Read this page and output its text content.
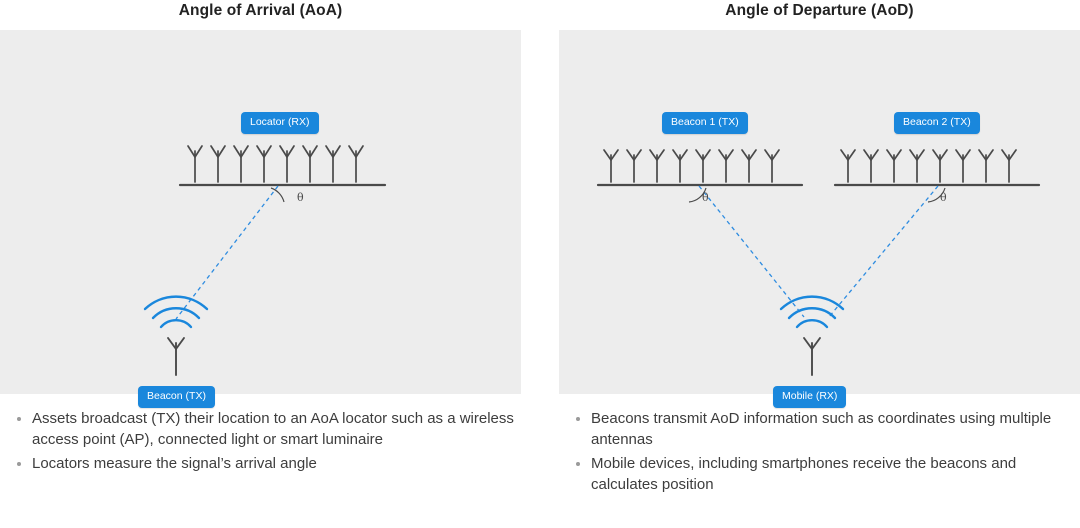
Angle of Arrival (AoA)
Locator (RX)
θ
Beacon (TX)
Assets broadcast (TX) their location to an AoA locator such as a wireless access point (AP), connected light or smart luminaire
Locators measure the signal’s arrival angle
Angle of Departure (AoD)
Beacon 1 (TX)	Beacon 2 (TX)
θ	θ
Mobile (RX)
Beacons transmit AoD information such as coordinates using multiple antennas
Mobile devices, including smartphones receive the beacons and calculates position
